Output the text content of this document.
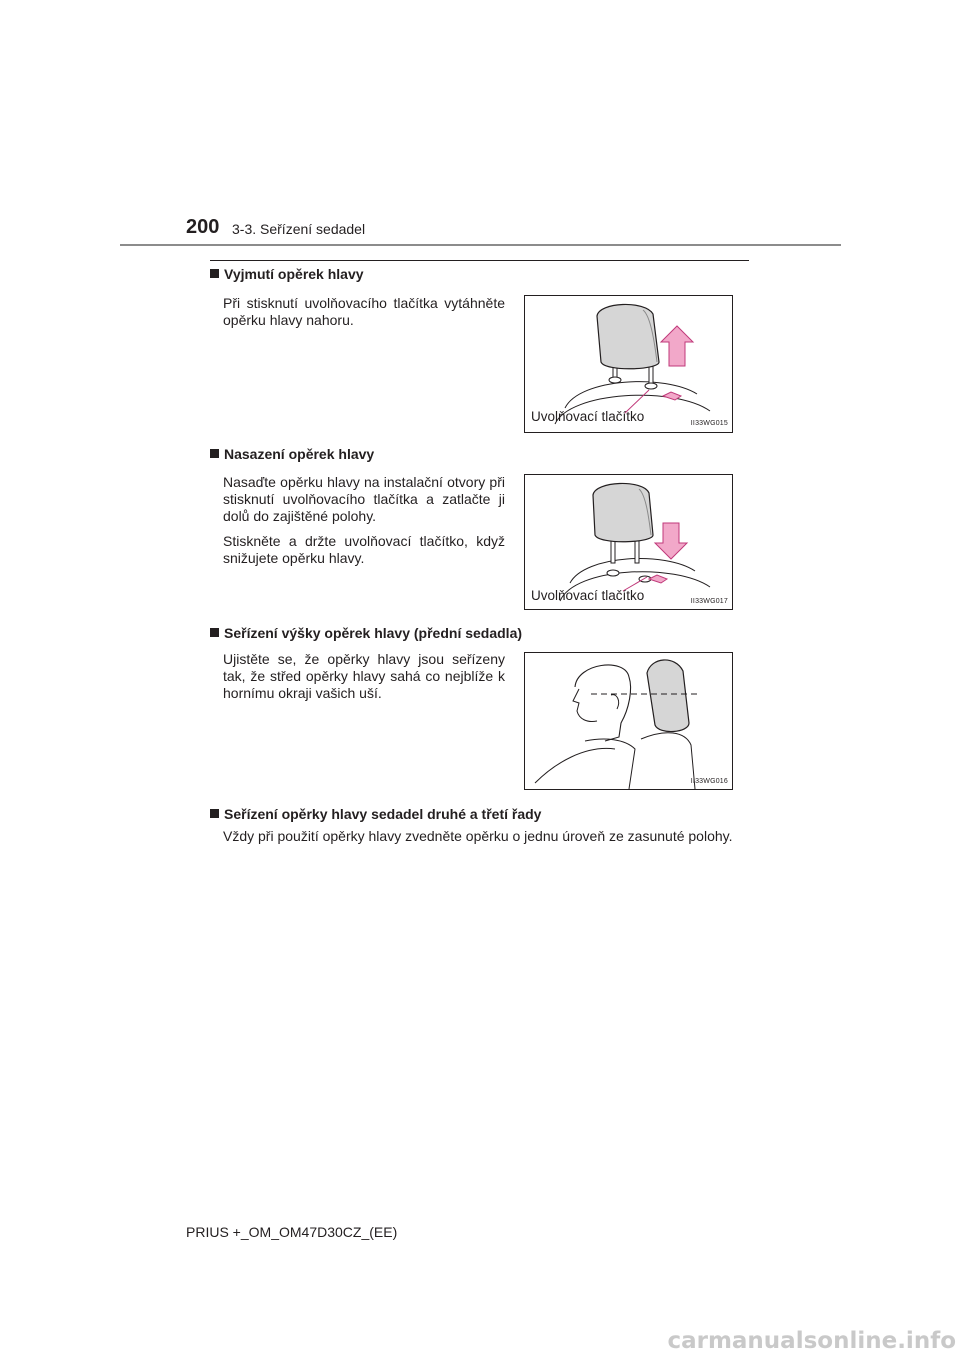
200 3-3. Seřízení sedadel
Vyjmutí opěrek hlavy
Při stisknutí uvolňovacího tlačítka vytáhněte opěrku hlavy nahoru.
Uvolňovací tlačítko	II33WG015
Nasazení opěrek hlavy
Nasaďte opěrku hlavy na instalační otvory při stisknutí uvolňovacího tlačítka a zatlačte ji dolů do zajištěné polohy.
Stiskněte a držte uvolňovací tlačítko, když snižujete opěrku hlavy.
Uvolňovací tlačítko	II33WG017
Seřízení výšky opěrek hlavy (přední sedadla)
Ujistěte se, že opěrky hlavy jsou seřízeny tak, že střed opěrky hlavy sahá co nejblíže k hornímu okraji vašich uší.
II33WG016
Seřízení opěrky hlavy sedadel druhé a třetí řady
Vždy při použití opěrky hlavy zvedněte opěrku o jednu úroveň ze zasunuté polohy.
PRIUS +_OM_OM47D30CZ_(EE)
carmanualsonline.info
